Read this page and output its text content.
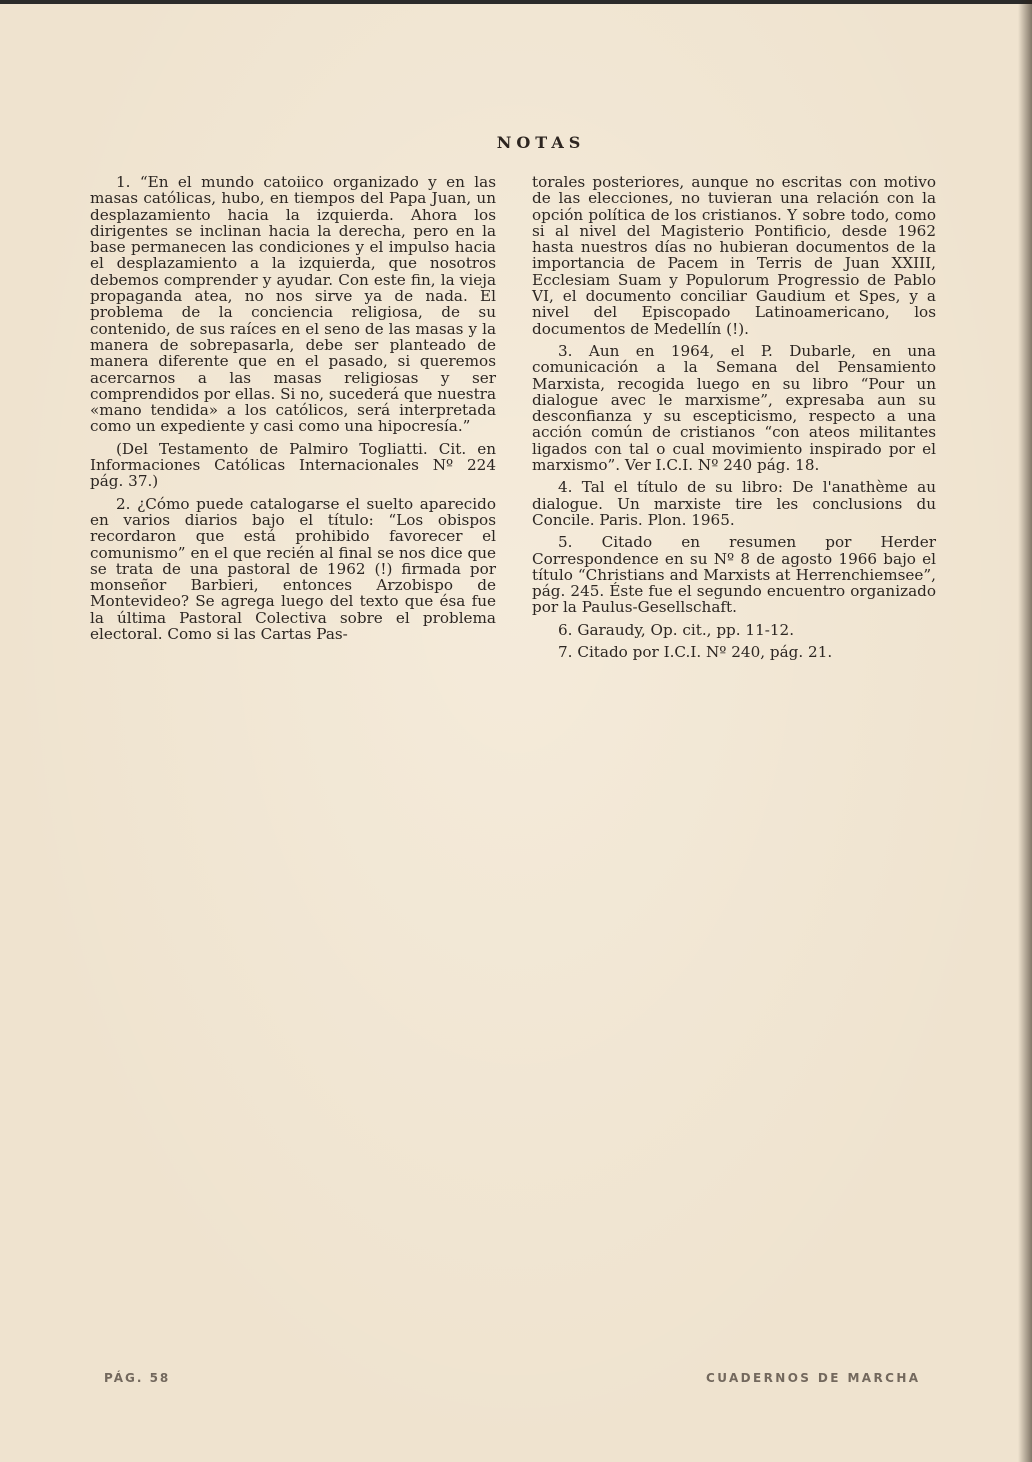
NOTAS

1. “En el mundo catoiico organizado y en las masas católicas, hubo, en tiempos del Papa Juan, un desplazamiento hacia la izquierda. Ahora los dirigentes se inclinan hacia la derecha, pero en la base permanecen las condiciones y el impulso hacia el desplazamiento a la izquierda, que nosotros debemos comprender y ayudar. Con este fin, la vieja propaganda atea, no nos sirve ya de nada. El problema de la conciencia religiosa, de su contenido, de sus raíces en el seno de las masas y la manera de sobrepasarla, debe ser planteado de manera diferente que en el pasado, si queremos acercarnos a las masas religiosas y ser comprendidos por ellas. Si no, sucederá que nuestra «mano tendida» a los católicos, será interpretada como un expediente y casi como una hipocresía.”

(Del Testamento de Palmiro Togliatti. Cit. en Informaciones Católicas Internacionales Nº 224 pág. 37.)

2. ¿Cómo puede catalogarse el suelto aparecido en varios diarios bajo el título: “Los obispos recordaron que está prohibido favorecer el comunismo” en el que recién al final se nos dice que se trata de una pastoral de 1962 (!) firmada por monseñor Barbieri, entonces Arzobispo de Montevideo? Se agrega luego del texto que ésa fue la última Pastoral Colectiva sobre el problema electoral. Como si las Cartas Pas-

torales posteriores, aunque no escritas con motivo de las elecciones, no tuvieran una relación con la opción política de los cristianos. Y sobre todo, como si al nivel del Magisterio Pontificio, desde 1962 hasta nuestros días no hubieran documentos de la importancia de Pacem in Terris de Juan XXIII, Ecclesiam Suam y Populorum Progressio de Pablo VI, el documento conciliar Gaudium et Spes, y a nivel del Episcopado Latinoamericano, los documentos de Medellín (!).

3. Aun en 1964, el P. Dubarle, en una comunicación a la Semana del Pensamiento Marxista, recogida luego en su libro “Pour un dialogue avec le marxisme”, expresaba aun su desconfianza y su escepticismo, respecto a una acción común de cristianos “con ateos militantes ligados con tal o cual movimiento inspirado por el marxismo”. Ver I.C.I. Nº 240 pág. 18.

4. Tal el título de su libro: De l'anathème au dialogue. Un marxiste tire les conclusions du Concile. Paris. Plon. 1965.

5. Citado en resumen por Herder Correspondence en su Nº 8 de agosto 1966 bajo el título “Christians and Marxists at Herrenchiemsee”, pág. 245. Éste fue el segundo encuentro organizado por la Paulus-Gesellschaft.

6. Garaudy, Op. cit., pp. 11-12.

7. Citado por I.C.I. Nº 240, pág. 21.

PÁG. 58	CUADERNOS DE MARCHA
